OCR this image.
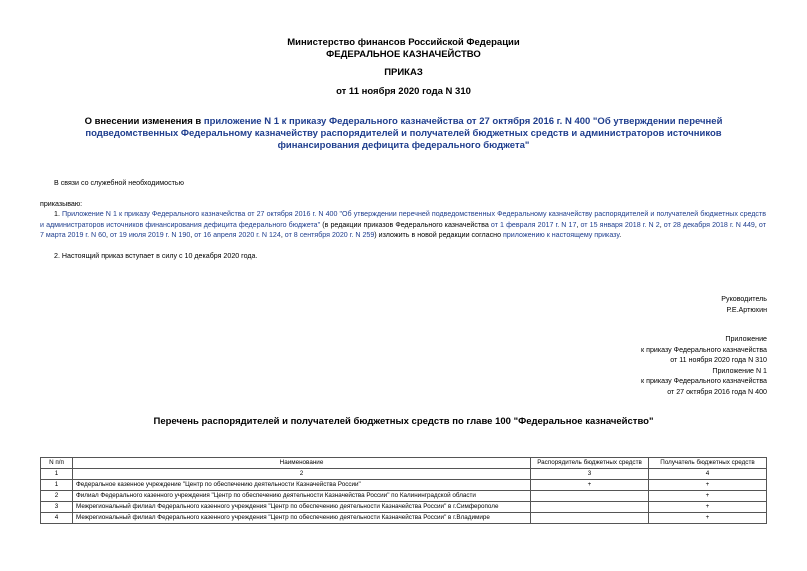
Министерство финансов Российской Федерации
ФЕДЕРАЛЬНОЕ КАЗНАЧЕЙСТВО
ПРИКАЗ
от 11 ноября 2020 года N 310
О внесении изменения в приложение N 1 к приказу Федерального казначейства от 27 октября 2016 г. N 400 "Об утверждении перечней подведомственных Федеральному казначейству распорядителей и получателей бюджетных средств и администраторов источников финансирования дефицита федерального бюджета"
В связи со служебной необходимостью
приказываю:
1. Приложение N 1 к приказу Федерального казначейства от 27 октября 2016 г. N 400 "Об утверждении перечней подведомственных Федеральному казначейству распорядителей и получателей бюджетных средств и администраторов источников финансирования дефицита федерального бюджета" (в редакции приказов Федерального казначейства от 1 февраля 2017 г. N 17, от 15 января 2018 г. N 2, от 28 декабря 2018 г. N 449, от 7 марта 2019 г. N 60, от 19 июля 2019 г. N 190, от 16 апреля 2020 г. N 124, от 8 сентября 2020 г. N 259) изложить в новой редакции согласно приложению к настоящему приказу.
2. Настоящий приказ вступает в силу с 10 декабря 2020 года.
Руководитель
Р.Е.Артюхин
Приложение
к приказу Федерального казначейства
от 11 ноября 2020 года N 310
Приложение N 1
к приказу Федерального казначейства
от 27 октября 2016 года N 400
Перечень распорядителей и получателей бюджетных средств по главе 100 "Федеральное казначейство"
N п/п	Наименование	Распорядитель бюджетных средств	Получатель бюджетных средств
1	2	3	4
1	Федеральное казенное учреждение "Центр по обеспечению деятельности Казначейства России"	+	+
2	Филиал Федерального казенного учреждения "Центр по обеспечению деятельности Казначейства России" по Калининградской области		+
3	Межрегиональный филиал Федерального казенного учреждения "Центр по обеспечению деятельности Казначейства России" в г.Симферополе		+
4	Межрегиональный филиал Федерального казенного учреждения "Центр по обеспечению деятельности Казначейства России" в г.Владимире		+
